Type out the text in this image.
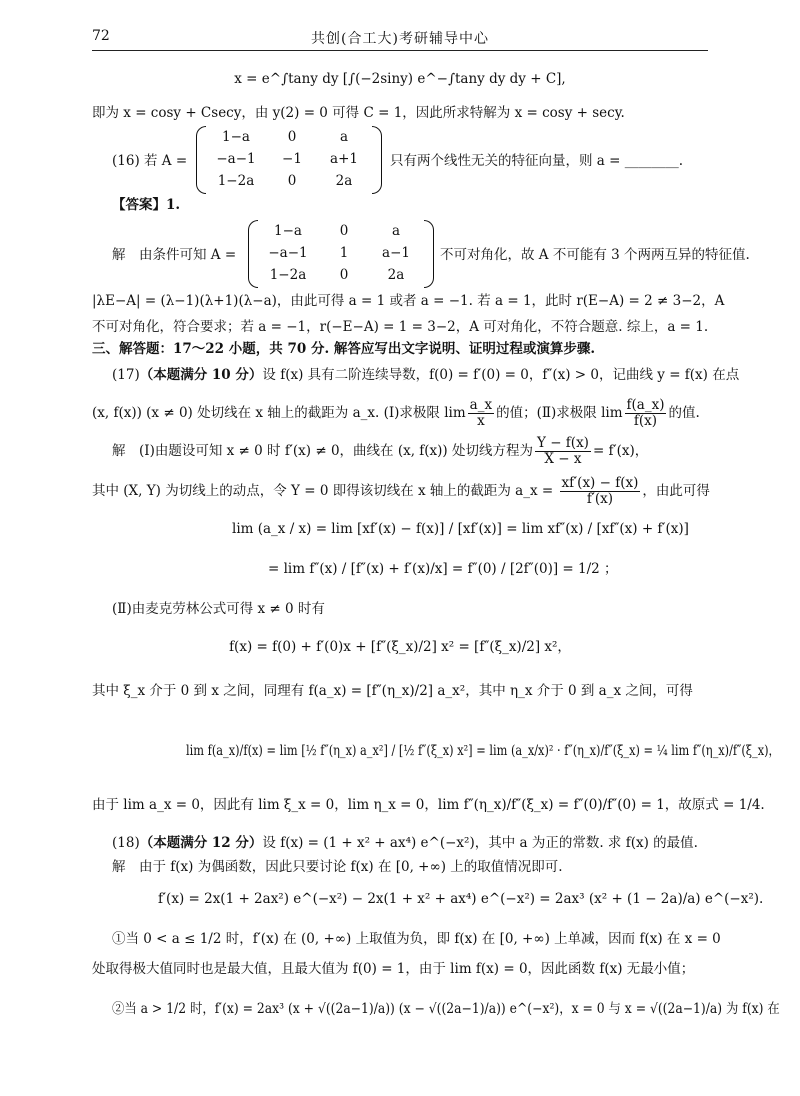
72	共创(合工大)考研辅导中心
x = e^∫tany dy [∫(−2siny) e^−∫tany dy dy + C],
即为 x = cosy + Csecy，由 y(2) = 0 可得 C = 1，因此所求特解为 x = cosy + secy.
(16) 若 A =
1−a	0	a
−a−1	−1	a+1
1−2a	0	2a
只有两个线性无关的特征向量，则 a = ________.
【答案】1.
解　由条件可知 A =
1−a	0	a
−a−1	1	a−1
1−2a	0	2a
不可对角化，故 A 不可能有 3 个两两互异的特征值.
|λE−A| = (λ−1)(λ+1)(λ−a)，由此可得 a = 1 或者 a = −1. 若 a = 1，此时 r(E−A) = 2 ≠ 3−2，A
不可对角化，符合要求；若 a = −1，r(−E−A) = 1 = 3−2，A 可对角化，不符合题意. 综上，a = 1.
三、解答题：17～22 小题，共 70 分. 解答应写出文字说明、证明过程或演算步骤.
(17)（本题满分 10 分）设 f(x) 具有二阶连续导数，f(0) = f′(0) = 0，f″(x) > 0，记曲线 y = f(x) 在点
(x, f(x)) (x ≠ 0) 处切线在 x 轴上的截距为 a_x. (Ⅰ)求极限 $\lim \frac{a\_x}{x}$ 的值；(Ⅱ)求极限 $\lim \frac{f(a\_x)}{f(x)}$ 的值.
解　(Ⅰ)由题设可知 x ≠ 0 时 f′(x) ≠ 0，曲线在 (x, f(x)) 处切线方程为 $\frac{Y - f(x)}{X - x} = f'(x)$，
其中 (X, Y) 为切线上的动点，令 Y = 0 即得该切线在 x 轴上的截距为 a_x = $\frac{xf'(x) - f(x)}{f'(x)}$ ，由此可得
lim (a_x / x) = lim [xf′(x) − f(x)] / [xf′(x)] = lim xf″(x) / [xf″(x) + f′(x)]
= lim f″(x) / [f″(x) + f′(x)/x] = f″(0) / [2f″(0)] = 1/2 ；
(Ⅱ)由麦克劳林公式可得 x ≠ 0 时有
f(x) = f(0) + f′(0)x + [f″(ξ_x)/2] x² = [f″(ξ_x)/2] x²，
其中 ξ_x 介于 0 到 x 之间，同理有 f(a_x) = [f″(η_x)/2] a_x²，其中 η_x 介于 0 到 a_x 之间，可得
lim f(a_x)/f(x) = lim [½ f″(η_x) a_x²] / [½ f″(ξ_x) x²] = lim (a_x/x)² · f″(η_x)/f″(ξ_x) = ¼ lim f″(η_x)/f″(ξ_x)，
由于 lim a_x = 0，因此有 lim ξ_x = 0，lim η_x = 0，lim f″(η_x)/f″(ξ_x) = f″(0)/f″(0) = 1，故原式 = 1/4.
(18)（本题满分 12 分）设 f(x) = (1 + x² + ax⁴) e^(−x²)，其中 a 为正的常数. 求 f(x) 的最值.
解　由于 f(x) 为偶函数，因此只要讨论 f(x) 在 [0, +∞) 上的取值情况即可.
f′(x) = 2x(1 + 2ax²) e^(−x²) − 2x(1 + x² + ax⁴) e^(−x²) = 2ax³ (x² + (1 − 2a)/a) e^(−x²).
①当 0 < a ≤ 1/2 时，f′(x) 在 (0, +∞) 上取值为负，即 f(x) 在 [0, +∞) 上单减，因而 f(x) 在 x = 0
处取得极大值同时也是最大值，且最大值为 f(0) = 1，由于 lim f(x) = 0，因此函数 f(x) 无最小值；
②当 a > 1/2 时，f′(x) = 2ax³ (x + √((2a−1)/a)) (x − √((2a−1)/a)) e^(−x²)，x = 0 与 x = √((2a−1)/a) 为 f(x) 在
